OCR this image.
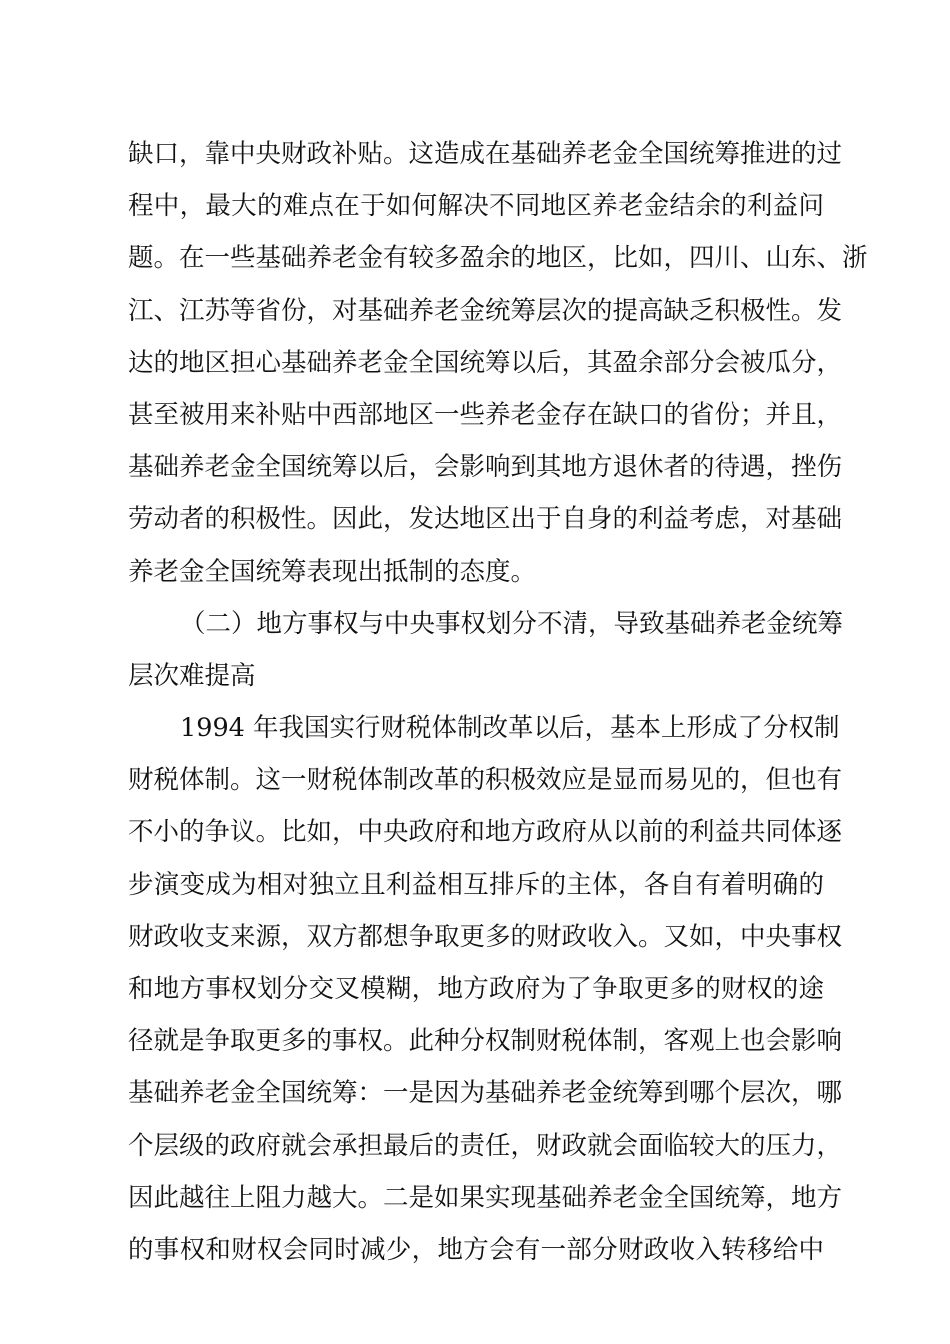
缺口，靠中央财政补贴。这造成在基础养老金全国统筹推进的过
程中，最大的难点在于如何解决不同地区养老金结余的利益问
题。在一些基础养老金有较多盈余的地区，比如，四川、山东、浙
江、江苏等省份，对基础养老金统筹层次的提高缺乏积极性。发
达的地区担心基础养老金全国统筹以后，其盈余部分会被瓜分，
甚至被用来补贴中西部地区一些养老金存在缺口的省份；并且，
基础养老金全国统筹以后，会影响到其地方退休者的待遇，挫伤
劳动者的积极性。因此，发达地区出于自身的利益考虑，对基础
养老金全国统筹表现出抵制的态度。
（二）地方事权与中央事权划分不清，导致基础养老金统筹
层次难提高
1994 年我国实行财税体制改革以后，基本上形成了分权制
财税体制。这一财税体制改革的积极效应是显而易见的，但也有
不小的争议。比如，中央政府和地方政府从以前的利益共同体逐
步演变成为相对独立且利益相互排斥的主体，各自有着明确的
财政收支来源，双方都想争取更多的财政收入。又如，中央事权
和地方事权划分交叉模糊，地方政府为了争取更多的财权的途
径就是争取更多的事权。此种分权制财税体制，客观上也会影响
基础养老金全国统筹：一是因为基础养老金统筹到哪个层次，哪
个层级的政府就会承担最后的责任，财政就会面临较大的压力，
因此越往上阻力越大。二是如果实现基础养老金全国统筹，地方
的事权和财权会同时减少，地方会有一部分财政收入转移给中
